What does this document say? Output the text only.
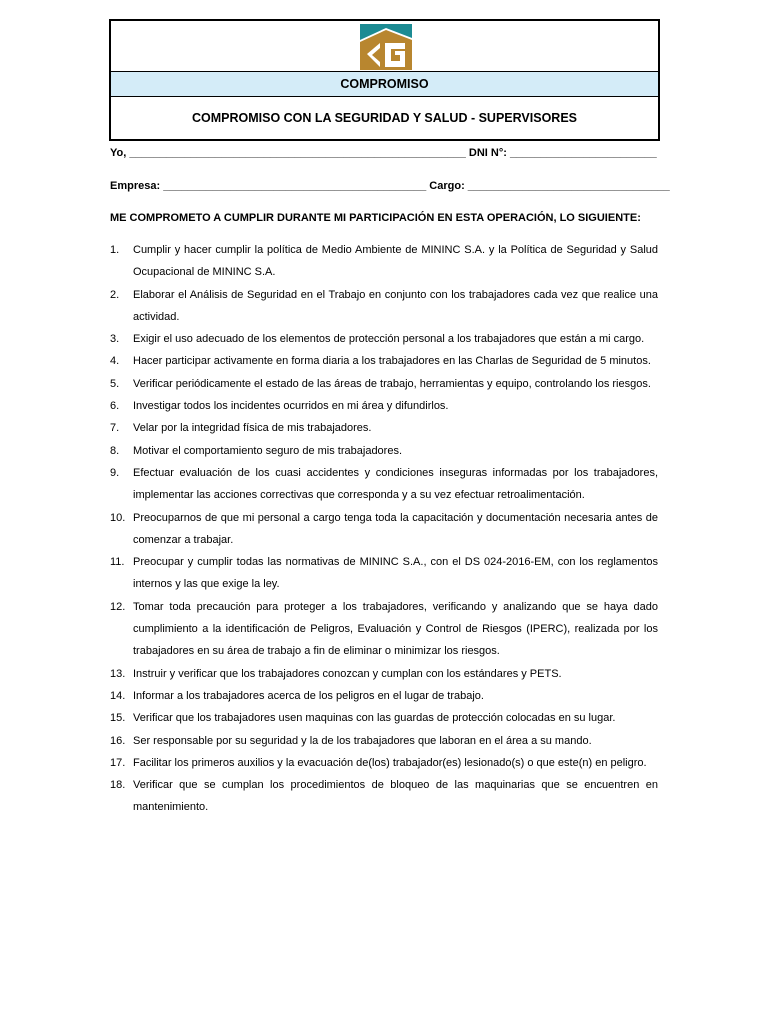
COMPROMISO
COMPROMISO CON LA SEGURIDAD Y SALUD - SUPERVISORES
Yo, _______________________________________________________ DNI N°: ________________________
Empresa: ___________________________________________ Cargo: _________________________________
ME COMPROMETO A CUMPLIR DURANTE MI PARTICIPACIÓN EN ESTA OPERACIÓN, LO SIGUIENTE:
1. Cumplir y hacer cumplir la política de Medio Ambiente de MININC S.A. y la Política de Seguridad y Salud Ocupacional de MININC S.A.
2. Elaborar el Análisis de Seguridad en el Trabajo en conjunto con los trabajadores cada vez que realice una actividad.
3. Exigir el uso adecuado de los elementos de protección personal a los trabajadores que están a mi cargo.
4. Hacer participar activamente en forma diaria a los trabajadores en las Charlas de Seguridad de 5 minutos.
5. Verificar periódicamente el estado de las áreas de trabajo, herramientas y equipo, controlando los riesgos.
6. Investigar todos los incidentes ocurridos en mi área y difundirlos.
7. Velar por la integridad física de mis trabajadores.
8. Motivar el comportamiento seguro de mis trabajadores.
9. Efectuar evaluación de los cuasi accidentes y condiciones inseguras informadas por los trabajadores, implementar las acciones correctivas que corresponda y a su vez efectuar retroalimentación.
10. Preocuparnos de que mi personal a cargo tenga toda la capacitación y documentación necesaria antes de comenzar a trabajar.
11. Preocupar y cumplir todas las normativas de MININC S.A., con el DS 024-2016-EM, con los reglamentos internos y las que exige la ley.
12. Tomar toda precaución para proteger a los trabajadores, verificando y analizando que se haya dado cumplimiento a la identificación de Peligros, Evaluación y Control de Riesgos (IPERC), realizada por los trabajadores en su área de trabajo a fin de eliminar o minimizar los riesgos.
13. Instruir y verificar que los trabajadores conozcan y cumplan con los estándares y PETS.
14. Informar a los trabajadores acerca de los peligros en el lugar de trabajo.
15. Verificar que los trabajadores usen maquinas con las guardas de protección colocadas en su lugar.
16. Ser responsable por su seguridad y la de los trabajadores que laboran en el área a su mando.
17. Facilitar los primeros auxilios y la evacuación de(los) trabajador(es) lesionado(s) o que este(n) en peligro.
18. Verificar que se cumplan los procedimientos de bloqueo de las maquinarias que se encuentren en mantenimiento.
